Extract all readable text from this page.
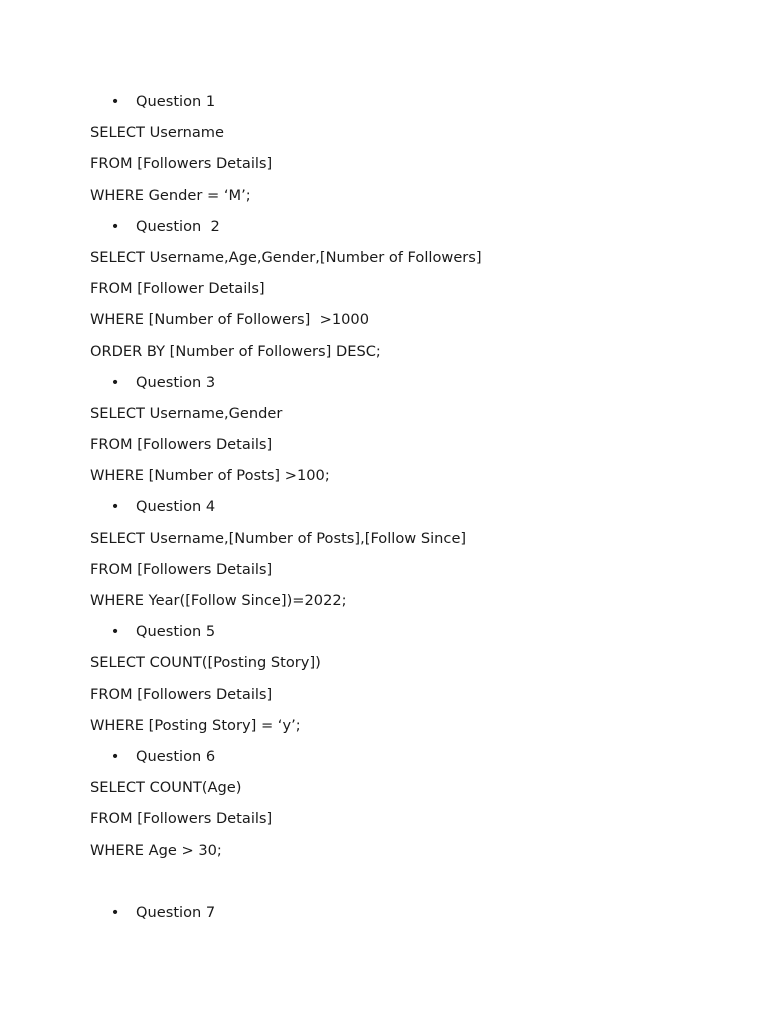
• Question 1
SELECT Username
FROM [Followers Details]
WHERE Gender = ‘M’;
• Question  2
SELECT Username,Age,Gender,[Number of Followers]
FROM [Follower Details]
WHERE [Number of Followers]  >1000
ORDER BY [Number of Followers] DESC;
• Question 3
SELECT Username,Gender
FROM [Followers Details]
WHERE [Number of Posts] >100;
• Question 4
SELECT Username,[Number of Posts],[Follow Since]
FROM [Followers Details]
WHERE Year([Follow Since])=2022;
• Question 5
SELECT COUNT([Posting Story])
FROM [Followers Details]
WHERE [Posting Story] = ‘y’;
• Question 6
SELECT COUNT(Age)
FROM [Followers Details]
WHERE Age > 30;
• Question 7
